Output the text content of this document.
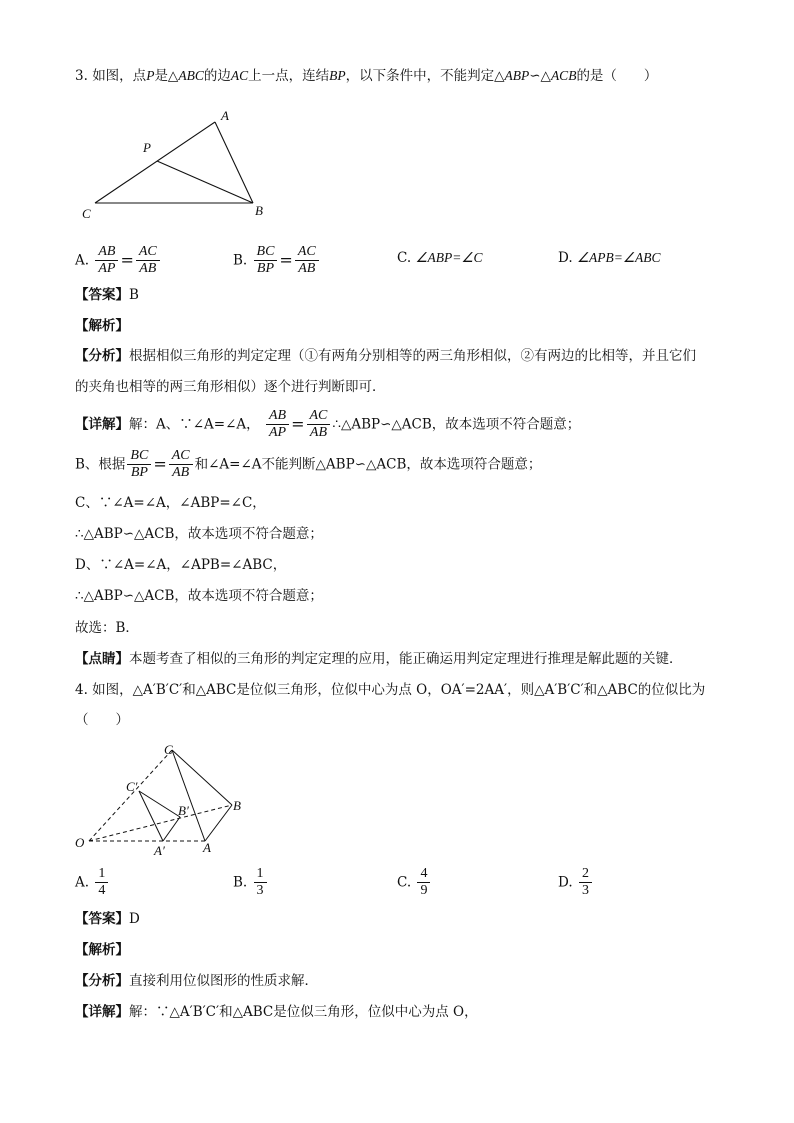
3. 如图，点P是△ABC的边AC上一点，连结BP，以下条件中，不能判定△ABP∽△ACB的是（　　）
A
P
C	B
A. $\frac{AB}{AP} = \frac{AC}{AB}$	B. $\frac{BC}{BP} = \frac{AC}{AB}$	C. ∠ABP=∠C	D. ∠APB=∠ABC
【答案】B
【解析】
【分析】根据相似三角形的判定定理（①有两角分别相等的两三角形相似，②有两边的比相等，并且它们
的夹角也相等的两三角形相似）逐个进行判断即可．
【详解】解：A、∵∠A=∠A， $\frac{AB}{AP} = \frac{AC}{AB}$ ∴△ABP∽△ACB，故本选项不符合题意；
B、根据 $\frac{BC}{BP} = \frac{AC}{AB}$ 和∠A=∠A不能判断△ABP∽△ACB，故本选项符合题意；
C、∵∠A=∠A，∠ABP=∠C，
∴△ABP∽△ACB，故本选项不符合题意；
D、∵∠A=∠A，∠APB=∠ABC，
∴△ABP∽△ACB，故本选项不符合题意；
故选：B．
【点睛】本题考查了相似的三角形的判定定理的应用，能正确运用判定定理进行推理是解此题的关键．
4. 如图，△A′B′C′和△ABC是位似三角形，位似中心为点 O，OA′=2AA′，则△A′B′C′和△ABC的位似比为
（　　）
C
C′
B′	B
O
A′	A
A. $\frac{1}{4}$	B. $\frac{1}{3}$	C. $\frac{4}{9}$	D. $\frac{2}{3}$
【答案】D
【解析】
【分析】直接利用位似图形的性质求解．
【详解】解：∵△A′B′C′和△ABC是位似三角形，位似中心为点 O，
